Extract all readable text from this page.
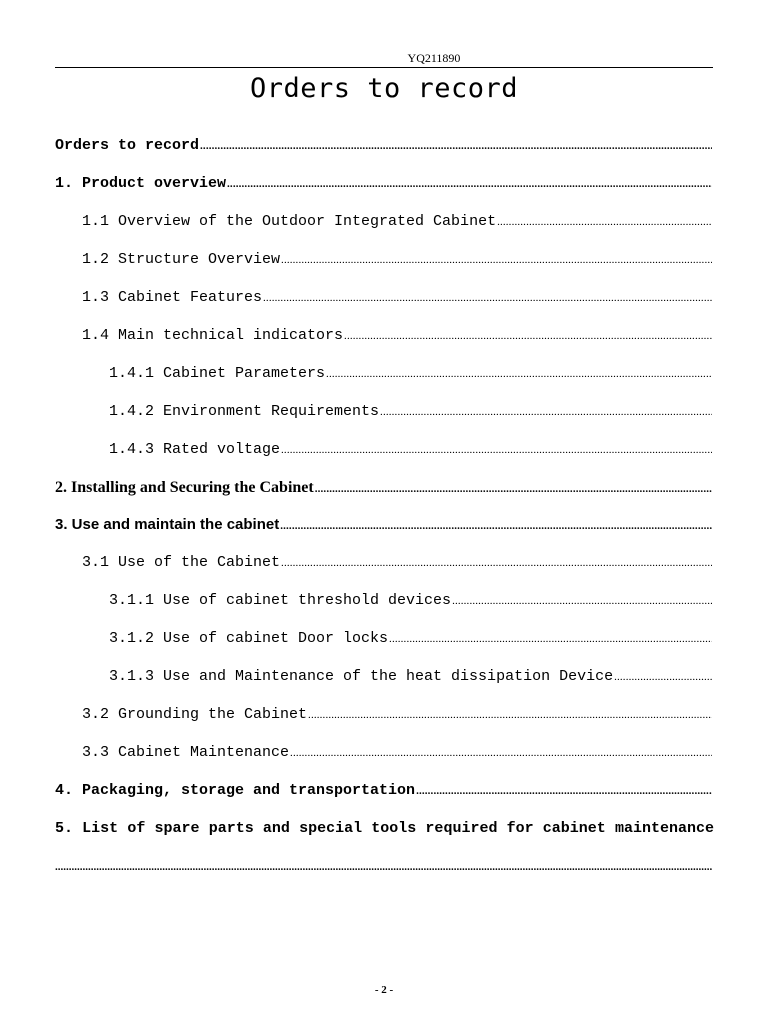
YQ211890
Orders to record
Orders to record
.....
1. Product overview
.....
1.1 Overview of the Outdoor Integrated Cabinet
.....
1.2 Structure Overview
.....
1.3 Cabinet Features
.....
1.4 Main technical indicators
.....
1.4.1 Cabinet Parameters
.....
1.4.2 Environment Requirements
.....
1.4.3 Rated voltage
.....
2. Installing and Securing the Cabinet
.....
3. Use and maintain the cabinet
.....
3.1 Use of the Cabinet
.....
3.1.1 Use of cabinet threshold devices
.....
3.1.2 Use of cabinet Door locks
.....
3.1.3 Use and Maintenance of the heat dissipation Device
.....
3.2 Grounding the Cabinet
.....
3.3 Cabinet Maintenance
.....
4. Packaging, storage and transportation
.....
5. List of spare parts and special tools required for cabinet maintenance
.....
- 2 -
